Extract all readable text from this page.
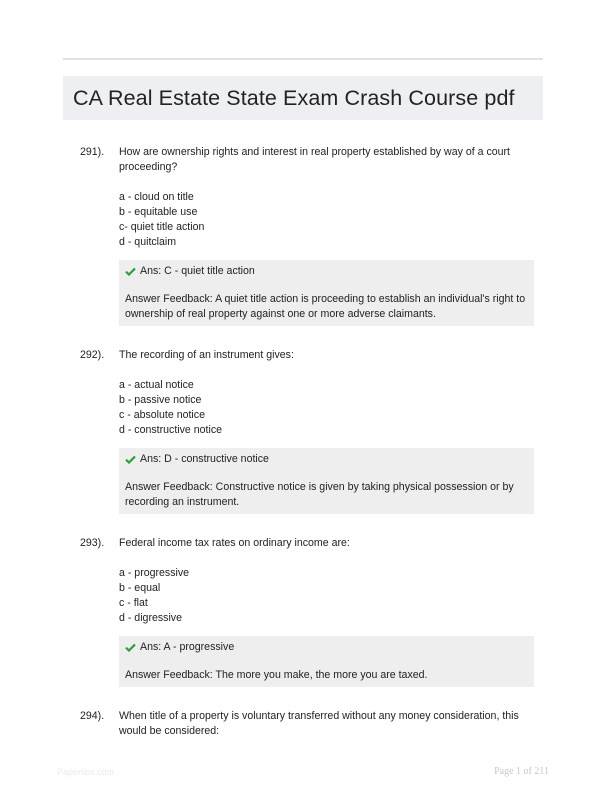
CA Real Estate State Exam Crash Course pdf
291).	How are ownership rights and interest in real property established by way of a court proceeding?
a - cloud on title
b - equitable use
c- quiet title action
d - quitclaim
Ans: C - quiet title action
Answer Feedback: A quiet title action is proceeding to establish an individual's right to ownership of real property against one or more adverse claimants.
292).	The recording of an instrument gives:
a - actual notice
b - passive notice
c - absolute notice
d - constructive notice
Ans: D - constructive notice
Answer Feedback: Constructive notice is given by taking physical possession or by recording an instrument.
293).	Federal income tax rates on ordinary income are:
a - progressive
b - equal
c - flat
d - digressive
Ans: A - progressive
Answer Feedback: The more you make, the more you are taxed.
294).	When title of a property is voluntary transferred without any money consideration, this would be considered:
Paperlibs.com	Page 1 of 211
